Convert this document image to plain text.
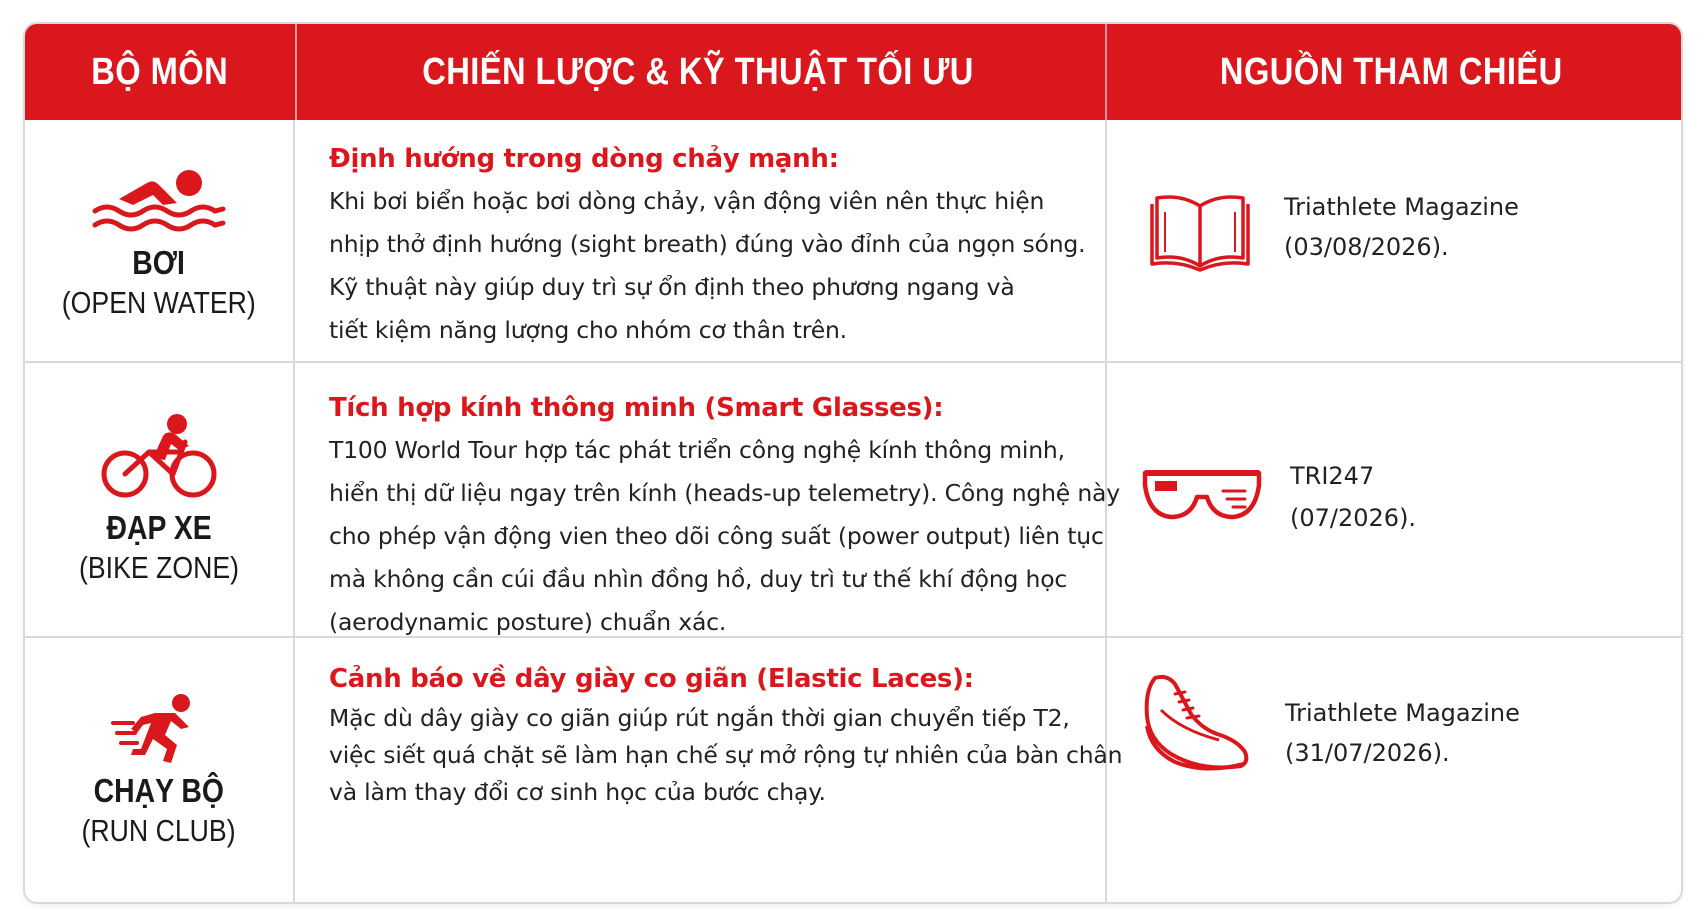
BỘ MÔN	CHIẾN LƯỢC & KỸ THUẬT TỐI ƯU	NGUỒN THAM CHIẾU
BƠI
(OPEN WATER)
Định hướng trong dòng chảy mạnh:
Khi bơi biển hoặc bơi dòng chảy, vận động viên nên thực hiện
nhịp thở định hướng (sight breath) đúng vào đỉnh của ngọn sóng.
Kỹ thuật này giúp duy trì sự ổn định theo phương ngang và
tiết kiệm năng lượng cho nhóm cơ thân trên.
Triathlete Magazine
(03/08/2026).
ĐẠP XE
(BIKE ZONE)
Tích hợp kính thông minh (Smart Glasses):
T100 World Tour hợp tác phát triển công nghệ kính thông minh,
hiển thị dữ liệu ngay trên kính (heads-up telemetry). Công nghệ này
cho phép vận động vien theo dõi công suất (power output) liên tục
mà không cần cúi đầu nhìn đồng hồ, duy trì tư thế khí động học
(aerodynamic posture) chuẩn xác.
TRI247
(07/2026).
CHẠY BỘ
(RUN CLUB)
Cảnh báo về dây giày co giãn (Elastic Laces):
Mặc dù dây giày co giãn giúp rút ngắn thời gian chuyển tiếp T2,
việc siết quá chặt sẽ làm hạn chế sự mở rộng tự nhiên của bàn chân
và làm thay đổi cơ sinh học của bước chạy.
Triathlete Magazine
(31/07/2026).
